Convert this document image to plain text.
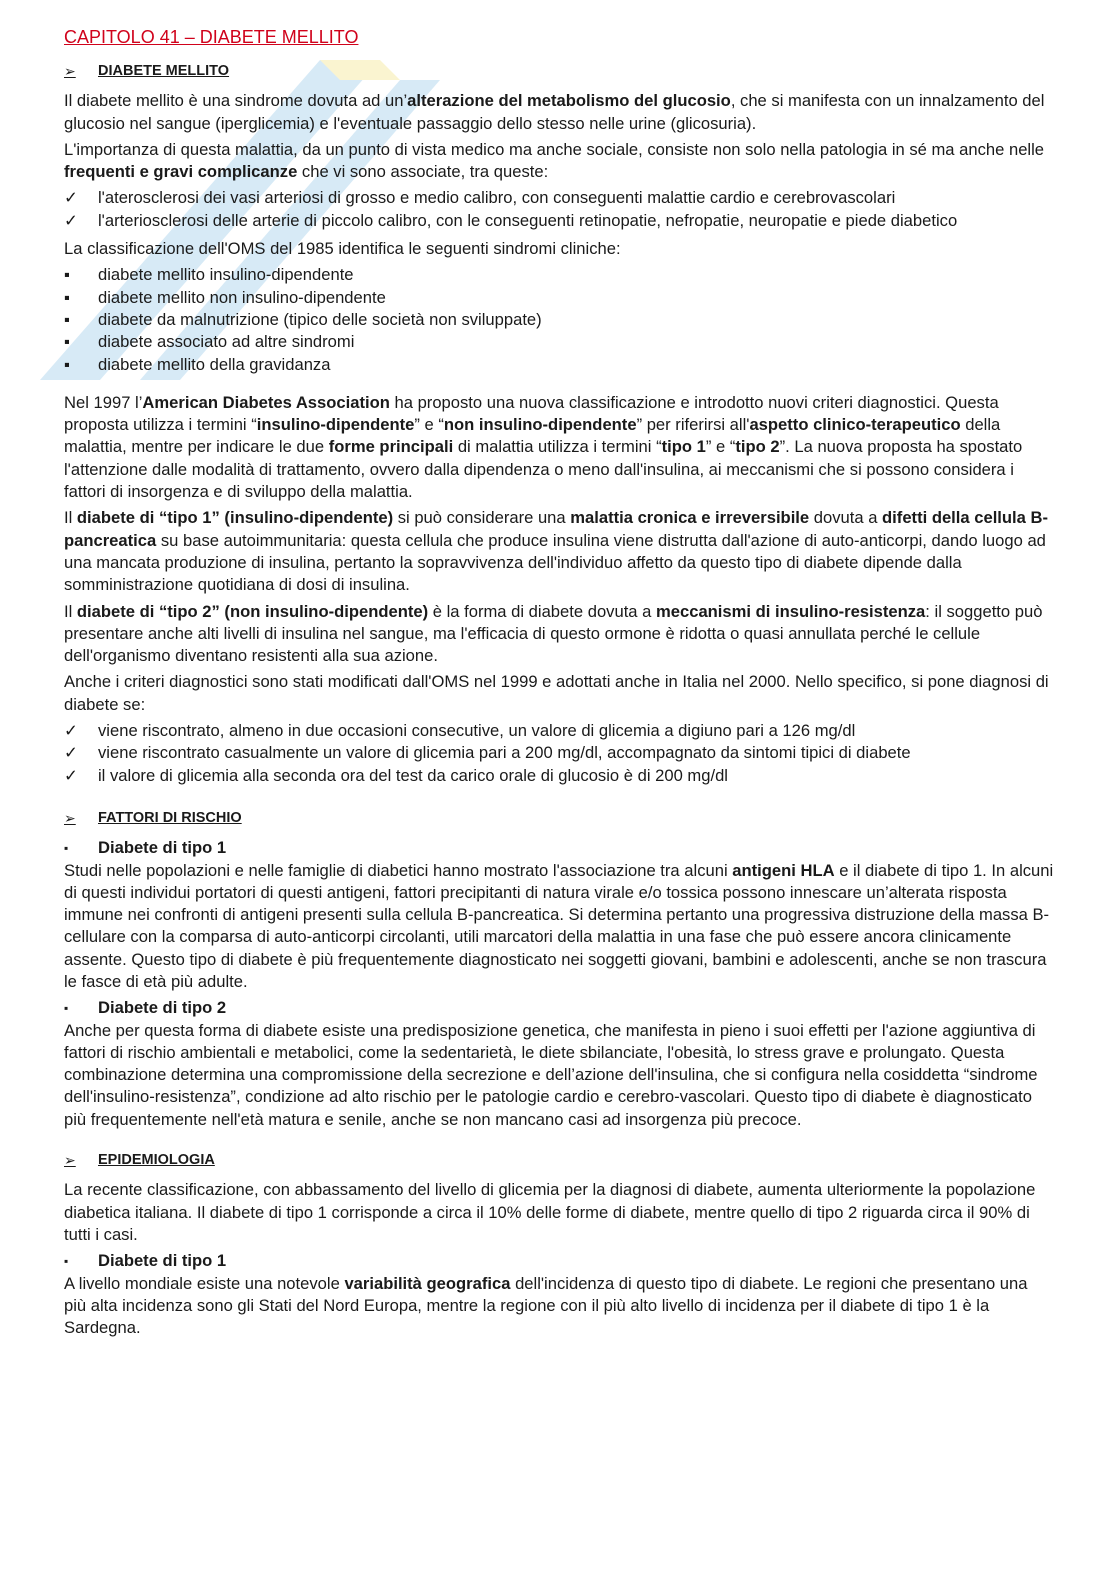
CAPITOLO 41 – DIABETE MELLITO
➢	DIABETE MELLITO

Il diabete mellito è una sindrome dovuta ad un’alterazione del metabolismo del glucosio, che si manifesta con un innalzamento del glucosio nel sangue (iperglicemia) e l'eventuale passaggio dello stesso nelle urine (glicosuria).

L'importanza di questa malattia, da un punto di vista medico ma anche sociale, consiste non solo nella patologia in sé ma anche nelle frequenti e gravi complicanze che vi sono associate, tra queste:

✓	l'aterosclerosi dei vasi arteriosi di grosso e medio calibro, con conseguenti malattie cardio e cerebrovascolari
✓	l'arteriosclerosi delle arterie di piccolo calibro, con le conseguenti retinopatie, nefropatie, neuropatie e piede diabetico

La classificazione dell'OMS del 1985 identifica le seguenti sindromi cliniche:

▪	diabete mellito insulino-dipendente
▪	diabete mellito non insulino-dipendente
▪	diabete da malnutrizione (tipico delle società non sviluppate)
▪	diabete associato ad altre sindromi
▪	diabete mellito della gravidanza

Nel 1997 l’American Diabetes Association ha proposto una nuova classificazione e introdotto nuovi criteri diagnostici. Questa proposta utilizza i termini “insulino-dipendente” e “non insulino-dipendente” per riferirsi all'aspetto clinico-terapeutico della malattia, mentre per indicare le due forme principali di malattia utilizza i termini “tipo 1” e “tipo 2”. La nuova proposta ha spostato l'attenzione dalle modalità di trattamento, ovvero dalla dipendenza o meno dall'insulina, ai meccanismi che si possono considera i fattori di insorgenza e di sviluppo della malattia.

Il diabete di “tipo 1” (insulino-dipendente) si può considerare una malattia cronica e irreversibile dovuta a difetti della cellula B-pancreatica su base autoimmunitaria: questa cellula che produce insulina viene distrutta dall'azione di auto-anticorpi, dando luogo ad una mancata produzione di insulina, pertanto la sopravvivenza dell'individuo affetto da questo tipo di diabete dipende dalla somministrazione quotidiana di dosi di insulina.

Il diabete di “tipo 2” (non insulino-dipendente) è la forma di diabete dovuta a meccanismi di insulino-resistenza: il soggetto può presentare anche alti livelli di insulina nel sangue, ma l'efficacia di questo ormone è ridotta o quasi annullata perché le cellule dell'organismo diventano resistenti alla sua azione.

Anche i criteri diagnostici sono stati modificati dall'OMS nel 1999 e adottati anche in Italia nel 2000. Nello specifico, si pone diagnosi di diabete se:

✓	viene riscontrato, almeno in due occasioni consecutive, un valore di glicemia a digiuno pari a 126 mg/dl
✓	viene riscontrato casualmente un valore di glicemia pari a 200 mg/dl, accompagnato da sintomi tipici di diabete
✓	il valore di glicemia alla seconda ora del test da carico orale di glucosio è di 200 mg/dl
➢	FATTORI DI RISCHIO
▪	Diabete di tipo 1

Studi nelle popolazioni e nelle famiglie di diabetici hanno mostrato l'associazione tra alcuni antigeni HLA e il diabete di tipo 1. In alcuni di questi individui portatori di questi antigeni, fattori precipitanti di natura virale e/o tossica possono innescare un’alterata risposta immune nei confronti di antigeni presenti sulla cellula B-pancreatica. Si determina pertanto una progressiva distruzione della massa B-cellulare con la comparsa di auto-anticorpi circolanti, utili marcatori della malattia in una fase che può essere ancora clinicamente assente. Questo tipo di diabete è più frequentemente diagnosticato nei soggetti giovani, bambini e adolescenti, anche se non trascura le fasce di età più adulte.

▪	Diabete di tipo 2

Anche per questa forma di diabete esiste una predisposizione genetica, che manifesta in pieno i suoi effetti per l'azione aggiuntiva di fattori di rischio ambientali e metabolici, come la sedentarietà, le diete sbilanciate, l'obesità, lo stress grave e prolungato. Questa combinazione determina una compromissione della secrezione e dell’azione dell'insulina, che si configura nella cosiddetta “sindrome dell'insulino-resistenza”, condizione ad alto rischio per le patologie cardio e cerebro-vascolari. Questo tipo di diabete è diagnosticato più frequentemente nell'età matura e senile, anche se non mancano casi ad insorgenza più precoce.

➢	EPIDEMIOLOGIA

La recente classificazione, con abbassamento del livello di glicemia per la diagnosi di diabete, aumenta ulteriormente la popolazione diabetica italiana. Il diabete di tipo 1 corrisponde a circa il 10% delle forme di diabete, mentre quello di tipo 2 riguarda circa il 90% di tutti i casi.

▪	Diabete di tipo 1

A livello mondiale esiste una notevole variabilità geografica dell'incidenza di questo tipo di diabete. Le regioni che presentano una più alta incidenza sono gli Stati del Nord Europa, mentre la regione con il più alto livello di incidenza per il diabete di tipo 1 è la Sardegna.
